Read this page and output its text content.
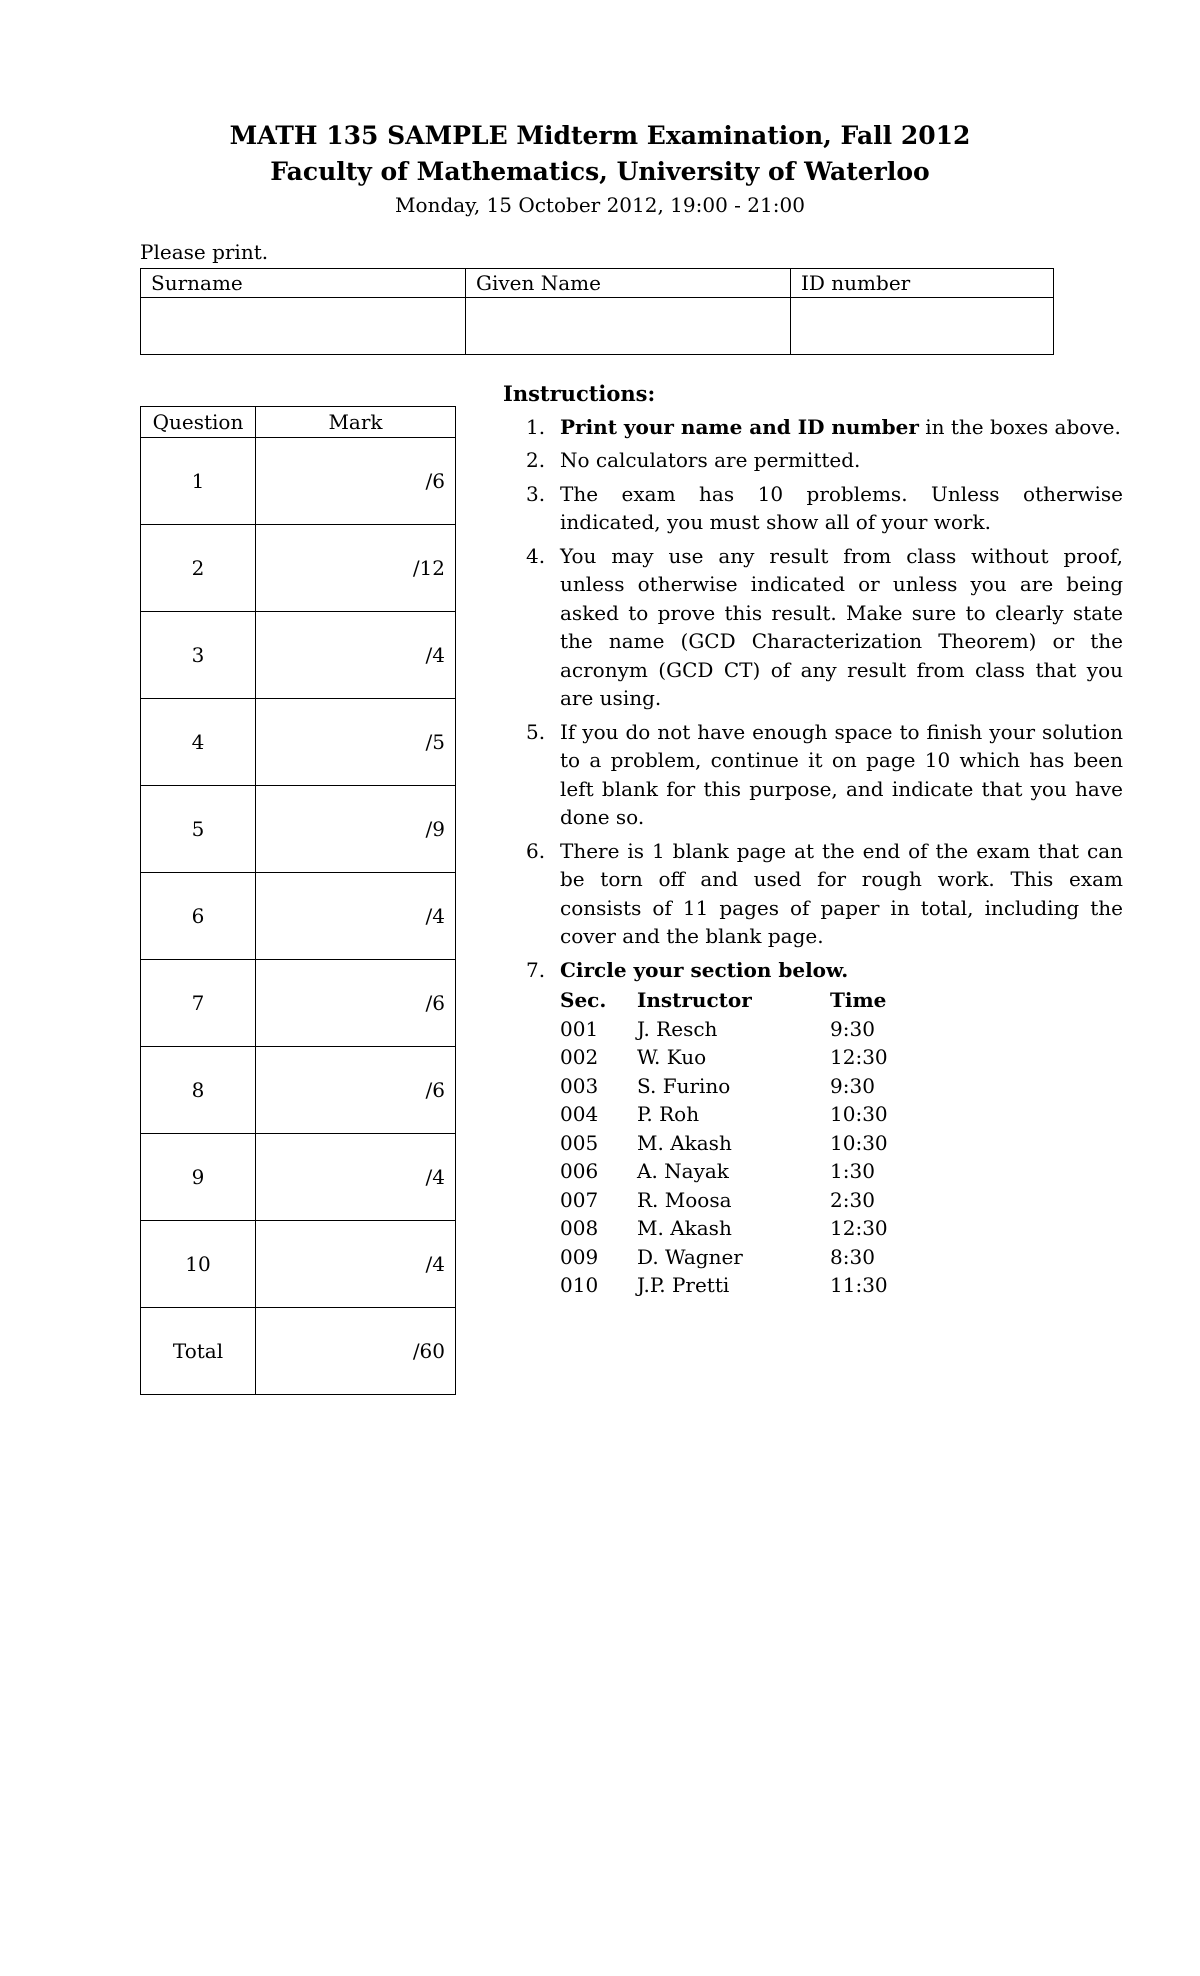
MATH 135 SAMPLE Midterm Examination, Fall 2012
Faculty of Mathematics, University of Waterloo
Monday, 15 October 2012, 19:00 - 21:00
Please print.
Surname	Given Name	ID number

Question	Mark
1	/6
2	/12
3	/4
4	/5
5	/9
6	/4
7	/6
8	/6
9	/4
10	/4
Total	/60
Instructions:
1. Print your name and ID number in the boxes above.
2. No calculators are permitted.
3. The exam has 10 problems. Unless otherwise indicated, you must show all of your work.
4. You may use any result from class without proof, unless otherwise indicated or unless you are being asked to prove this result. Make sure to clearly state the name (GCD Characterization Theorem) or the acronym (GCD CT) of any result from class that you are using.
5. If you do not have enough space to finish your solution to a problem, continue it on page 10 which has been left blank for this purpose, and indicate that you have done so.
6. There is 1 blank page at the end of the exam that can be torn off and used for rough work. This exam consists of 11 pages of paper in total, including the cover and the blank page.
7. Circle your section below.
Sec.	Instructor	Time
001	J. Resch	9:30
002	W. Kuo	12:30
003	S. Furino	9:30
004	P. Roh	10:30
005	M. Akash	10:30
006	A. Nayak	1:30
007	R. Moosa	2:30
008	M. Akash	12:30
009	D. Wagner	8:30
010	J.P. Pretti	11:30
